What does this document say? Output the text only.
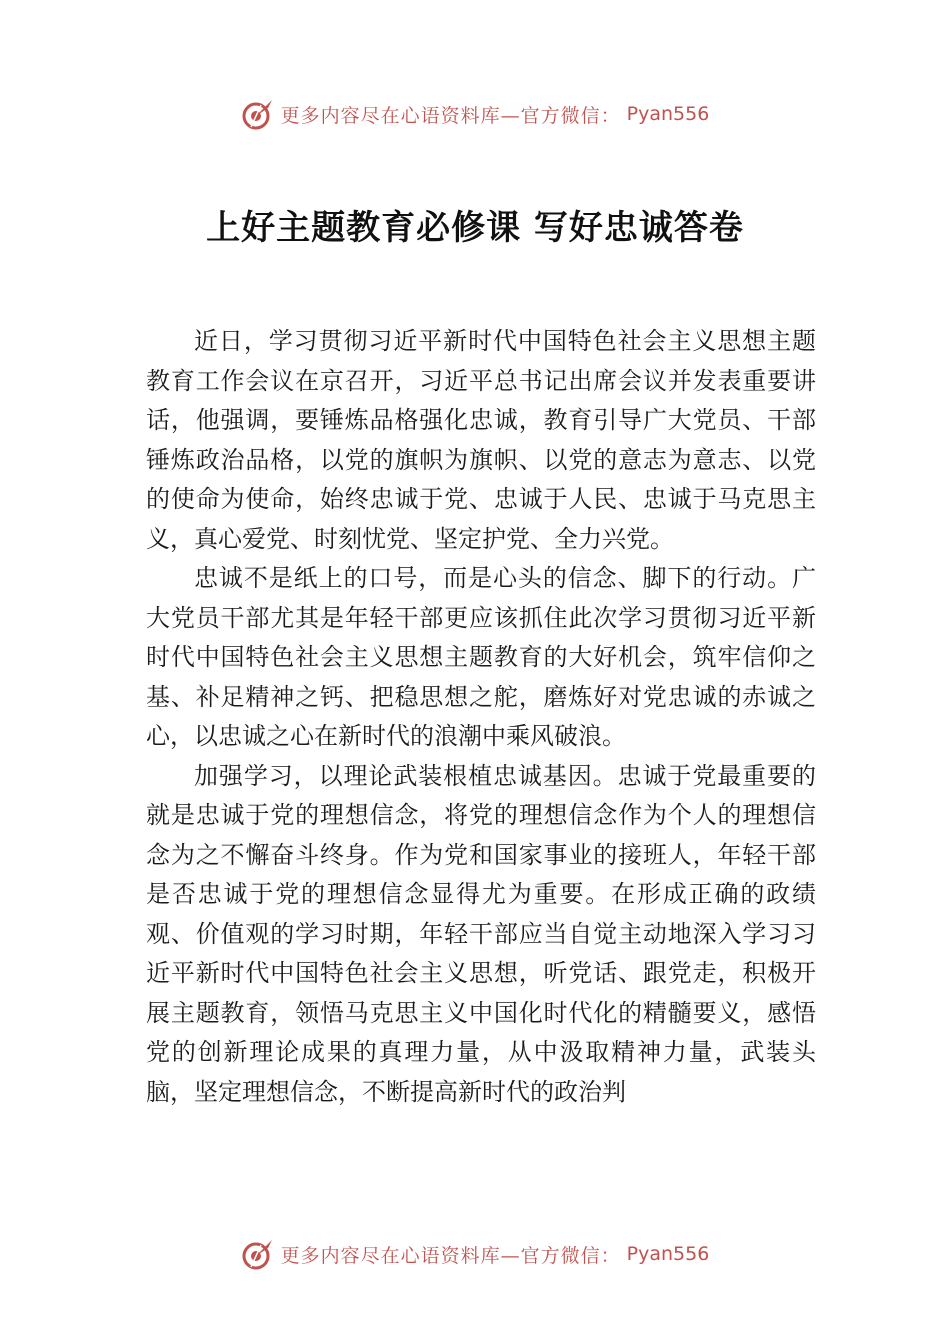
更多内容尽在心语资料库—官方微信： Pyan556
上好主题教育必修课 写好忠诚答卷

近日，学习贯彻习近平新时代中国特色社会主义思想主题教育工作会议在京召开，习近平总书记出席会议并发表重要讲话，他强调，要锤炼品格强化忠诚，教育引导广大党员、干部锤炼政治品格，以党的旗帜为旗帜、以党的意志为意志、以党的使命为使命，始终忠诚于党、忠诚于人民、忠诚于马克思主义，真心爱党、时刻忧党、坚定护党、全力兴党。

忠诚不是纸上的口号，而是心头的信念、脚下的行动。广大党员干部尤其是年轻干部更应该抓住此次学习贯彻习近平新时代中国特色社会主义思想主题教育的大好机会，筑牢信仰之基、补足精神之钙、把稳思想之舵，磨炼好对党忠诚的赤诚之心，以忠诚之心在新时代的浪潮中乘风破浪。

加强学习，以理论武装根植忠诚基因。忠诚于党最重要的就是忠诚于党的理想信念，将党的理想信念作为个人的理想信念为之不懈奋斗终身。作为党和国家事业的接班人，年轻干部是否忠诚于党的理想信念显得尤为重要。在形成正确的政绩观、价值观的学习时期，年轻干部应当自觉主动地深入学习习近平新时代中国特色社会主义思想，听党话、跟党走，积极开展主题教育，领悟马克思主义中国化时代化的精髓要义，感悟党的创新理论成果的真理力量，从中汲取精神力量，武装头脑，坚定理想信念，不断提高新时代的政治判

更多内容尽在心语资料库—官方微信： Pyan556
